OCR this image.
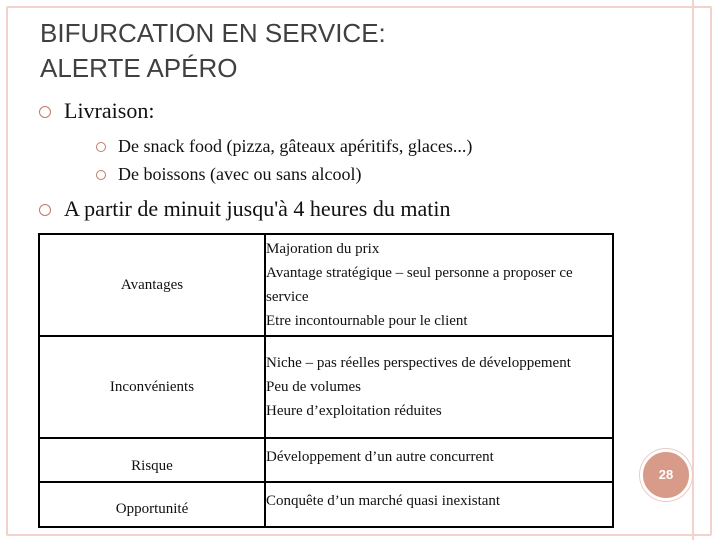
BIFURCATION EN SERVICE:
ALERTE APÉRO
Livraison:
De snack food (pizza, gâteaux apéritifs, glaces...)
De boissons (avec ou sans alcool)
A partir de minuit jusqu'à 4 heures du matin
Avantages	Majoration du prix
Avantage stratégique – seul personne a proposer ce service
Etre incontournable pour le client

Inconvénients	Niche – pas réelles perspectives de développement
Peu de volumes
Heure d’exploitation réduites

Risque	Développement d’un autre concurrent

Opportunité	Conquête d’un marché quasi inexistant
28
